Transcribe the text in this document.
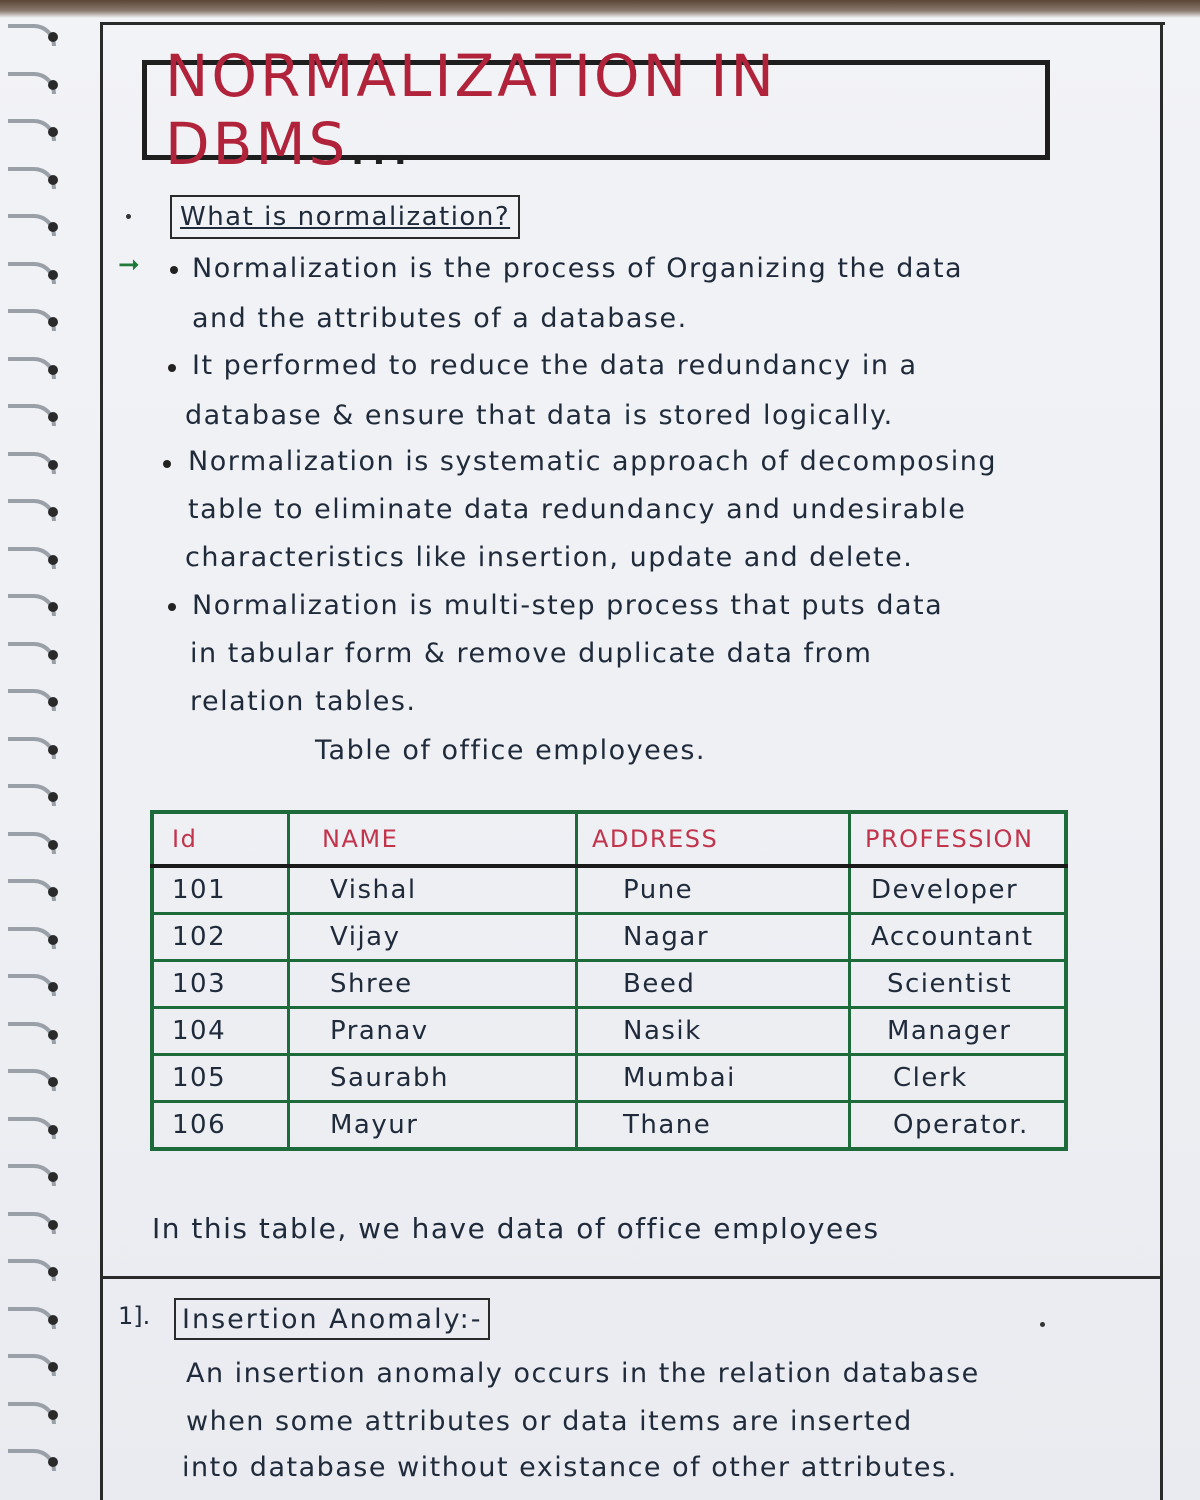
NORMALIZATION IN DBMS...
What is normalization?
➞ Normalization is the process of Organizing the data
and the attributes of a database.
It performed to reduce the data redundancy in a
database & ensure that data is stored logically.
Normalization is systematic approach of decomposing
table to eliminate data redundancy and undesirable
characteristics like insertion, update and delete.
Normalization is multi-step process that puts data
in tabular form & remove duplicate data from
relation tables.
Table of office employees.
Id	NAME	ADDRESS	PROFESSION
101	Vishal	Pune	Developer
102	Vijay	Nagar	Accountant
103	Shree	Beed	Scientist
104	Pranav	Nasik	Manager
105	Saurabh	Mumbai	Clerk
106	Mayur	Thane	Operator.
In this table, we have data of office employees
1]. Insertion Anomaly:-
An insertion anomaly occurs in the relation database
when some attributes or data items are inserted
into database without existance of other attributes.
